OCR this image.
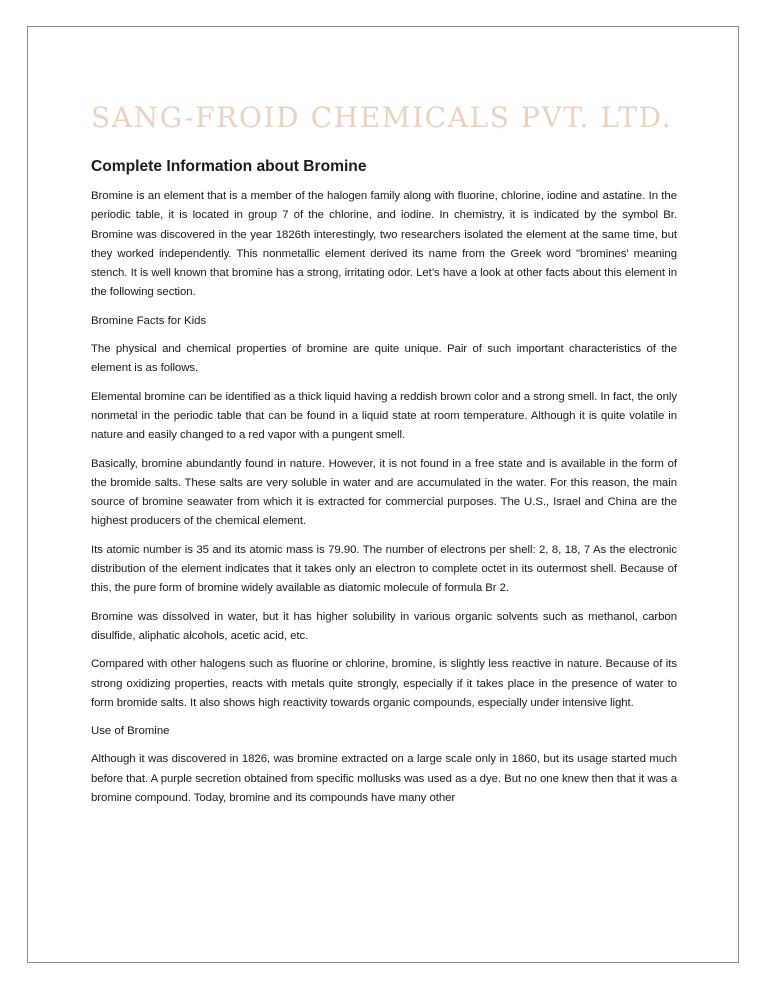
SANG-FROID CHEMICALS PVT. LTD.
Complete Information about Bromine

Bromine is an element that is a member of the halogen family along with fluorine, chlorine, iodine and astatine. In the periodic table, it is located in group 7 of the chlorine, and iodine. In chemistry, it is indicated by the symbol Br. Bromine was discovered in the year 1826th interestingly, two researchers isolated the element at the same time, but they worked independently. This nonmetallic element derived its name from the Greek word "bromines' meaning stench. It is well known that bromine has a strong, irritating odor. Let’s have a look at other facts about this element in the following section.

Bromine Facts for Kids

The physical and chemical properties of bromine are quite unique. Pair of such important characteristics of the element is as follows.

Elemental bromine can be identified as a thick liquid having a reddish brown color and a strong smell. In fact, the only nonmetal in the periodic table that can be found in a liquid state at room temperature. Although it is quite volatile in nature and easily changed to a red vapor with a pungent smell.

Basically, bromine abundantly found in nature. However, it is not found in a free state and is available in the form of the bromide salts. These salts are very soluble in water and are accumulated in the water. For this reason, the main source of bromine seawater from which it is extracted for commercial purposes. The U.S., Israel and China are the highest producers of the chemical element.

Its atomic number is 35 and its atomic mass is 79.90. The number of electrons per shell: 2, 8, 18, 7 As the electronic distribution of the element indicates that it takes only an electron to complete octet in its outermost shell. Because of this, the pure form of bromine widely available as diatomic molecule of formula Br 2.

Bromine was dissolved in water, but it has higher solubility in various organic solvents such as methanol, carbon disulfide, aliphatic alcohols, acetic acid, etc.

Compared with other halogens such as fluorine or chlorine, bromine, is slightly less reactive in nature. Because of its strong oxidizing properties, reacts with metals quite strongly, especially if it takes place in the presence of water to form bromide salts. It also shows high reactivity towards organic compounds, especially under intensive light.

Use of Bromine

Although it was discovered in 1826, was bromine extracted on a large scale only in 1860, but its usage started much before that. A purple secretion obtained from specific mollusks was used as a dye. But no one knew then that it was a bromine compound. Today, bromine and its compounds have many other
